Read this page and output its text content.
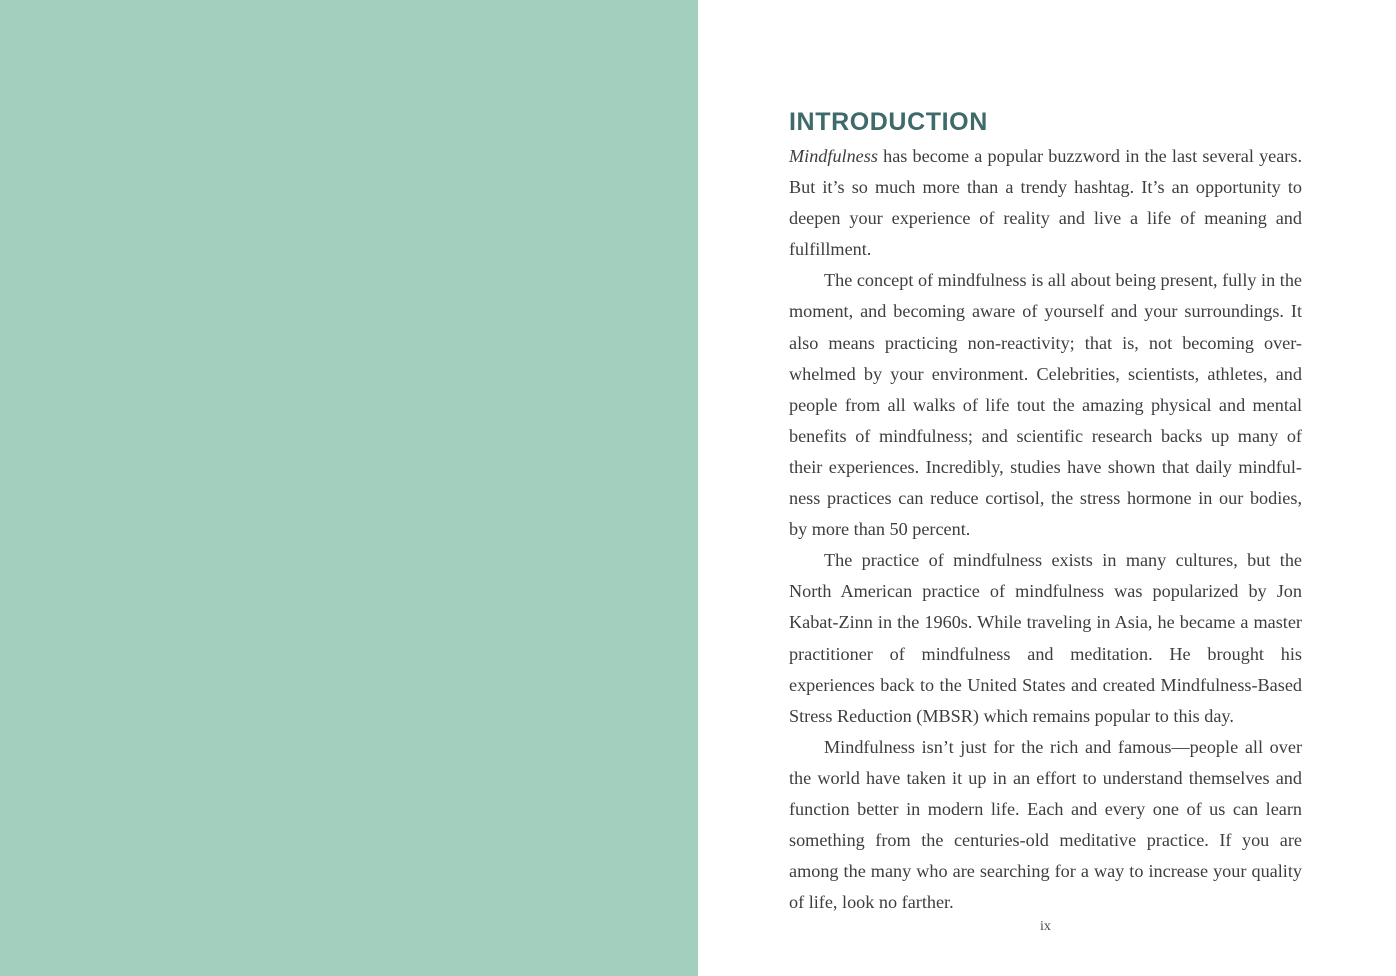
INTRODUCTION

Mindfulness has become a popular buzzword in the last several years. But it’s so much more than a trendy hashtag. It’s an opportunity to deepen your experience of reality and live a life of meaning and fulfillment.

The concept of mindfulness is all about being present, fully in the moment, and becoming aware of yourself and your surroundings. It also means practicing non-reactivity; that is, not becoming over-whelmed by your environment. Celebrities, scientists, athletes, and people from all walks of life tout the amazing physical and mental benefits of mindfulness; and scientific research backs up many of their experiences. Incredibly, studies have shown that daily mindful-ness practices can reduce cortisol, the stress hormone in our bodies, by more than 50 percent.

The practice of mindfulness exists in many cultures, but the North American practice of mindfulness was popularized by Jon Kabat-Zinn in the 1960s. While traveling in Asia, he became a master practitioner of mindfulness and meditation. He brought his experiences back to the United States and created Mindfulness-Based Stress Reduction (MBSR) which remains popular to this day.

Mindfulness isn’t just for the rich and famous—people all over the world have taken it up in an effort to understand themselves and function better in modern life. Each and every one of us can learn something from the centuries-old meditative practice. If you are among the many who are searching for a way to increase your quality of life, look no farther.

ix
